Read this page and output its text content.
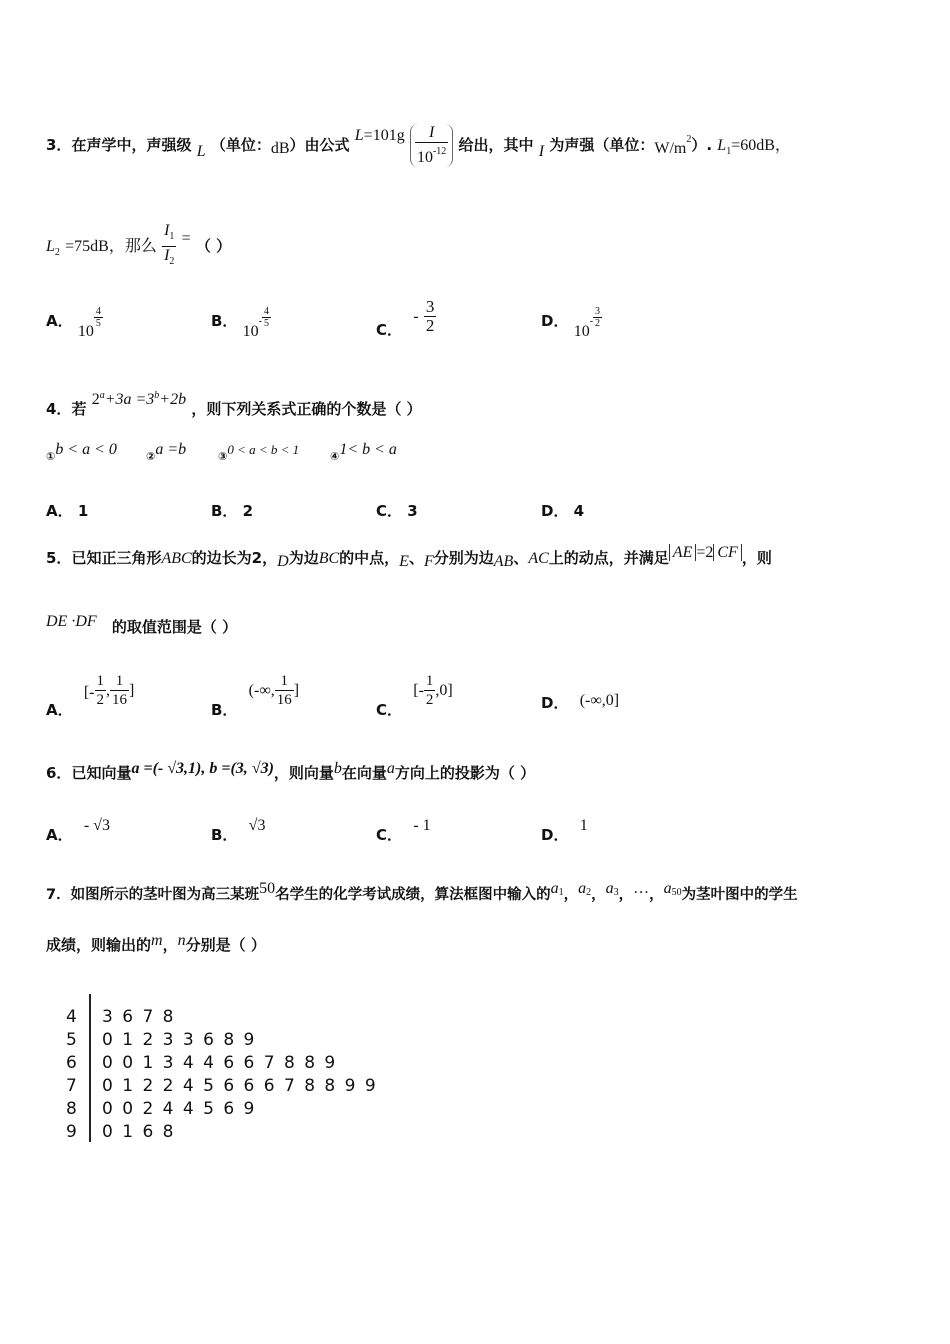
3．在声学中，声强级 L （单位：dB）由公式 $L=101g \frac{I}{10^{-12}}$ 给出，其中 I 为声强（单位：$W/m^2$）. $L_1=60dB$，
$L_2 =75dB$，那么 $\frac{I_1}{I_2}$ = （ ）
A． 10
$\frac{4}{5}$	B． $10- \frac{4}{5}$
C． - $\frac{3}{2}$	D． $10- \frac{3}{2}$
4．若 $2^a+3a =3^b+2b$ ，则下列关系式正确的个数是（ ）
$_①$b < a < 0	$_②$a =b	$_③$0 < a < b < 1	$_④$1< b < a
A． 1	B． 2	C． 3	D． 4
5．已知正三角形ABC的边长为2，D为边BC的中点，E、F分别为边AB、AC上的动点，并满足 AE =2 CF ，则
DE ·DF 的取值范围是（ ）
A． [- $\frac{1}{2}$ , $\frac{1}{16}$ ]
B． (-∞, $\frac{1}{16}$ ]
C． [- $\frac{1}{2} ,0$]
D． (-∞,0]
6．已知向量a =(- √3,1), b =(3, √3)，则向量b在向量a方向上的投影为（ ）
A． - √3
B． √3
C． - 1
D． 1
7．如图所示的茎叶图为高三某班50名学生的化学考试成绩，算法框图中输入的$a^1$，$a^2$，$a^3$，…，$a^{50}$为茎叶图中的学生
成绩，则输出的m，n分别是（ ）
4	3 6 7 8
5	0 1 2 3 3 6 8 9
6	0 0 1 3 4 4 6 6 7 8 8 9
7	0 1 2 2 4 5 6 6 6 7 8 8 9 9
8	0 0 2 4 4 5 6 9
9	0 1 6 8
